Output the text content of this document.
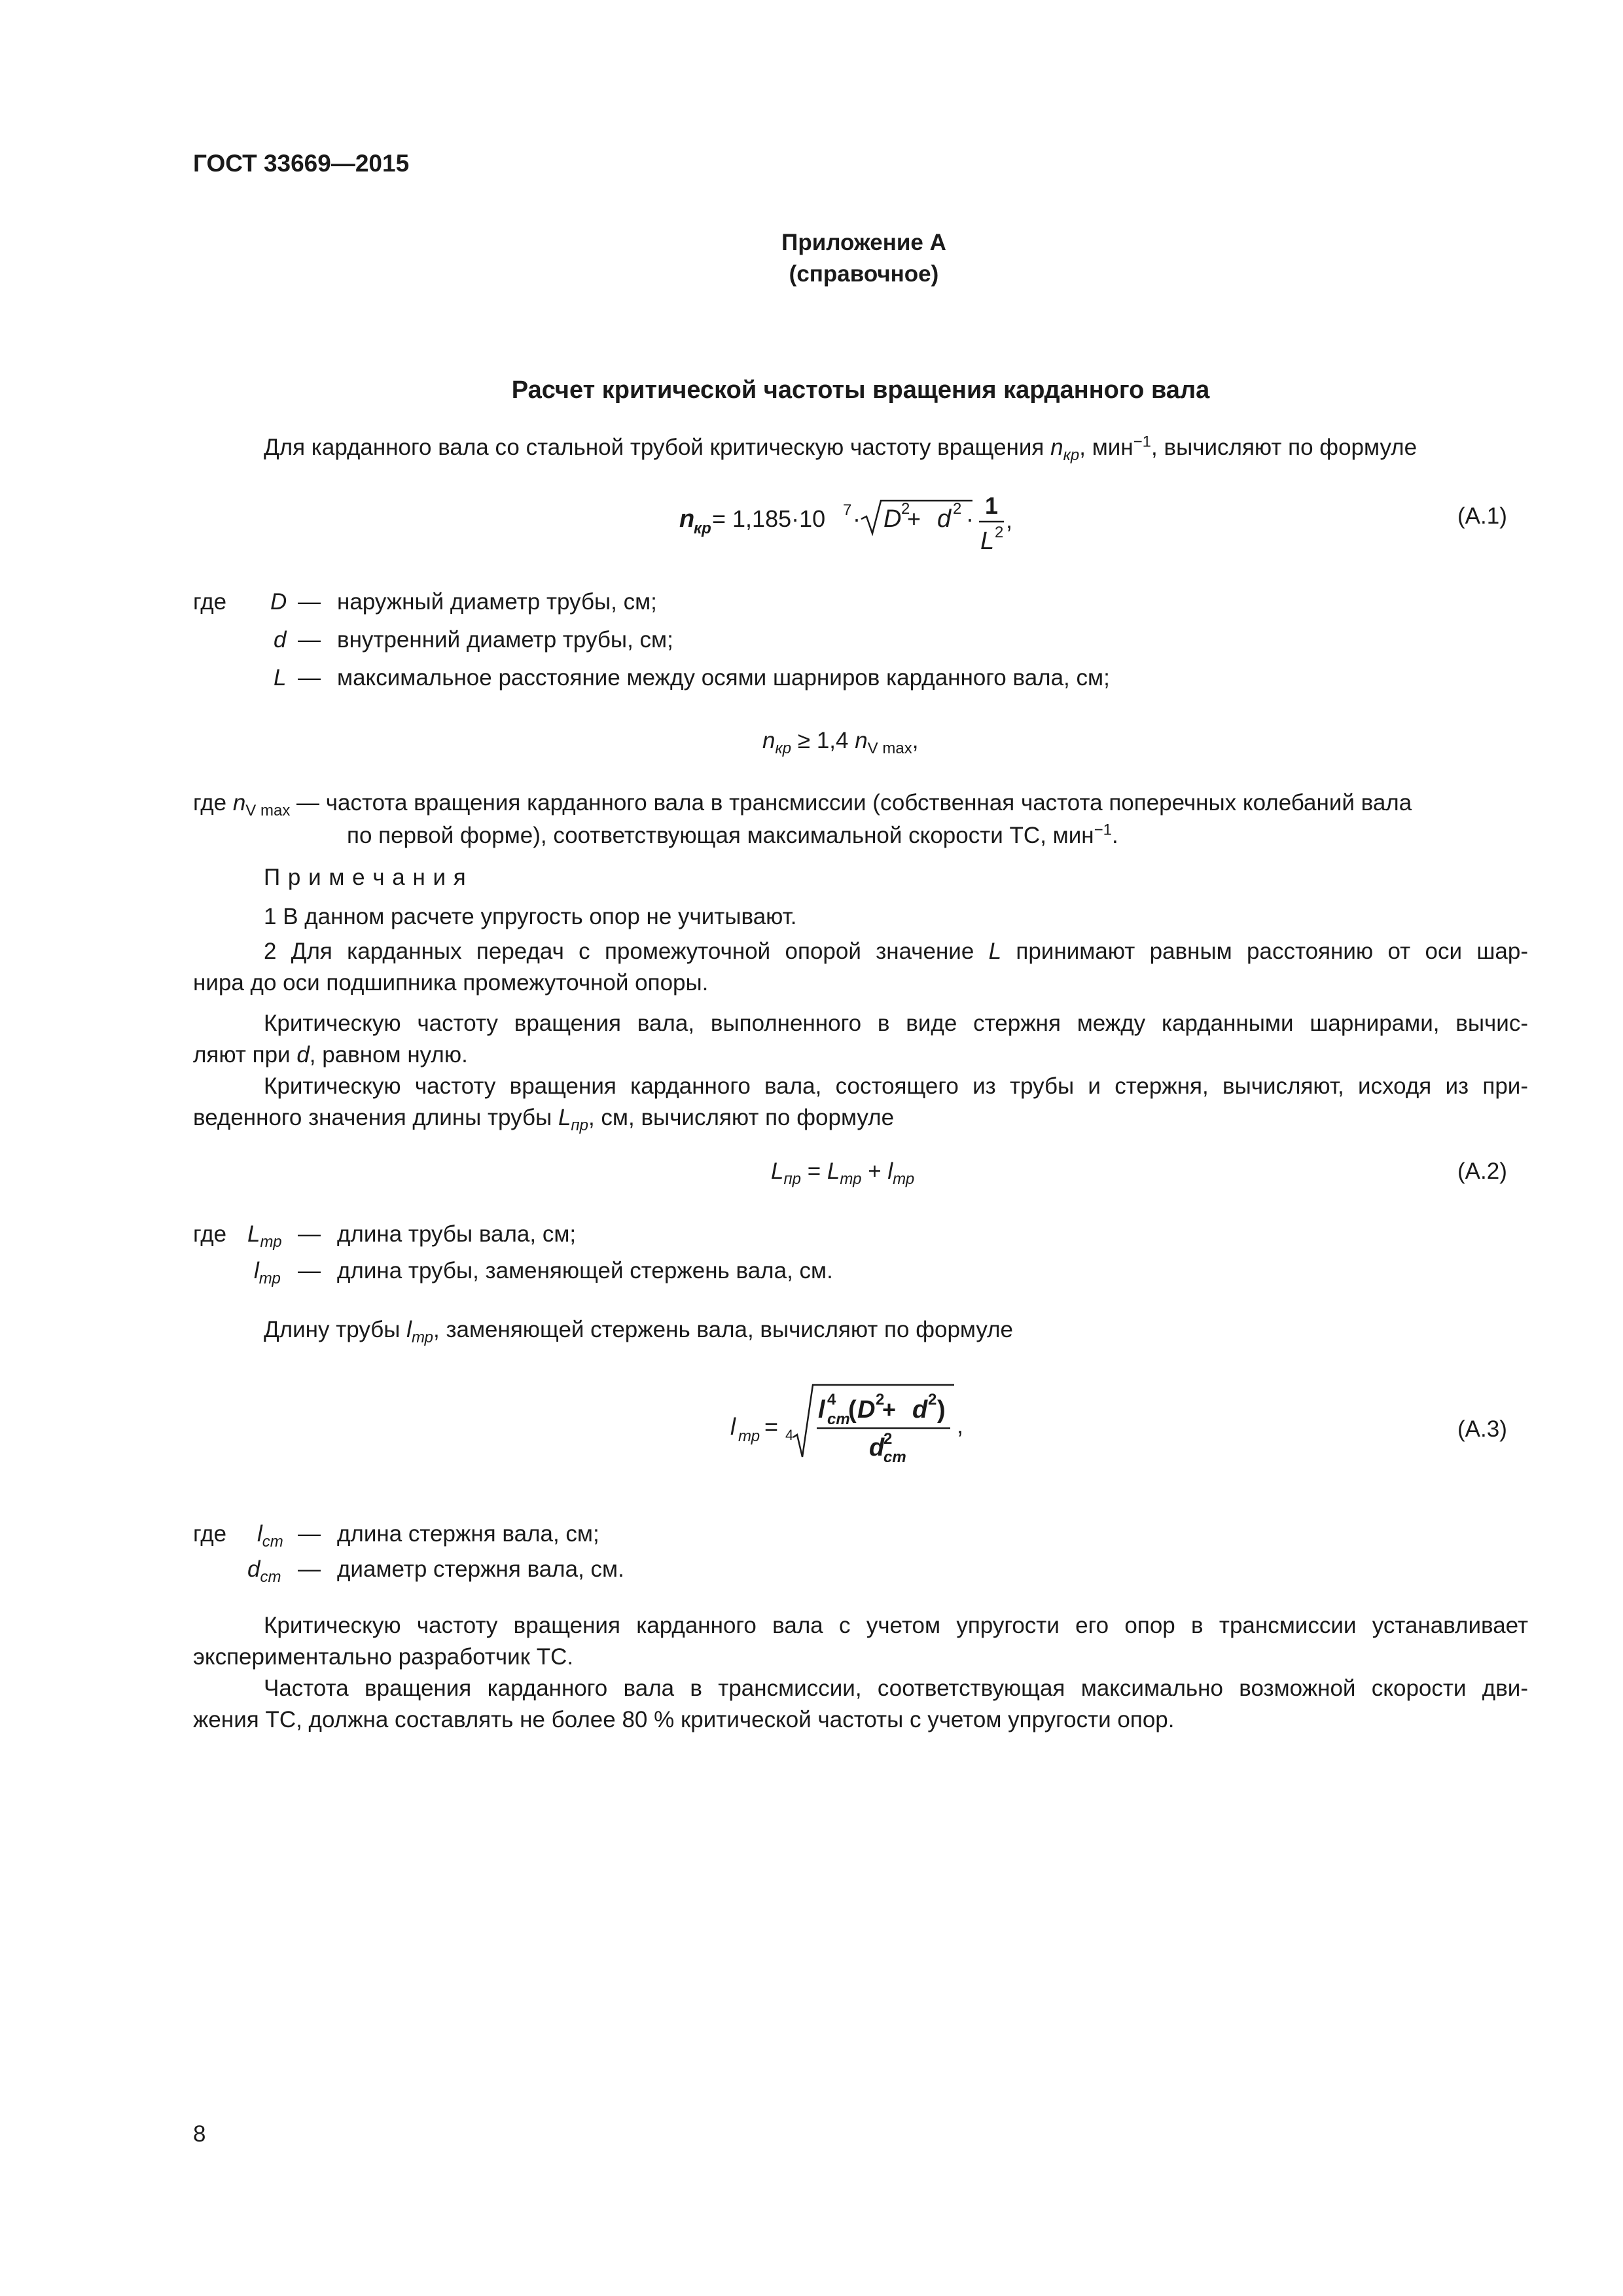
ГОСТ 33669—2015
Приложение А
(справочное)
Расчет критической частоты вращения карданного вала
Для карданного вала со стальной трубой критическую частоту вращения $n_{кр}$, мин$^{-1}$, вычисляют по формуле
n
кр = 1,185·10 7 · D 2
+ d 2 · 1
L 2 ,	(А.1)
где D — наружный диаметр трубы, см;
d — внутренний диаметр трубы, см;
L — максимальное расстояние между осями шарниров карданного вала, см;
$n_{кр} \ge 1,4$ $n_{V max}$,
где $n_{V max}$ — частота вращения карданного вала в трансмиссии (собственная частота поперечных колебаний вала
по первой форме), соответствующая максимальной скорости ТС, мин$^{-1}$.
П р и м е ч а н и я
1 В данном расчете упругость опор не учитывают.
2 Для карданных передач с промежуточной опорой значение L принимают равным расстоянию от оси шар-
нира до оси подшипника промежуточной опоры.
Критическую частоту вращения вала, выполненного в виде стержня между карданными шарнирами, вычис-
ляют при d, равном нулю.
Критическую частоту вращения карданного вала, состоящего из трубы и стержня, вычисляют, исходя из при-
веденного значения длины трубы $L_{пр}$, см, вычисляют по формуле
$L_{пр} = L_{тр} + l_{тр}$	(А.2)
где $L_{тр}$ — длина трубы вала, см;
$l_{тр}$ — длина трубы, заменяющей стержень вала, см.
Длину трубы $l_{тр}$, заменяющей стержень вала, вычисляют по формуле
l тр = 4
l 4
ст
( D 2
+ d 2 )
d
2
ст
,	(А.3)
где $l_{ст}$ — длина стержня вала, см;
$d_{ст}$ — диаметр стержня вала, см.
Критическую частоту вращения карданного вала с учетом упругости его опор в трансмиссии устанавливает
экспериментально разработчик ТС.
Частота вращения карданного вала в трансмиссии, соответствующая максимально возможной скорости дви-
жения ТС, должна составлять не более 80 % критической частоты с учетом упругости опор.
8
